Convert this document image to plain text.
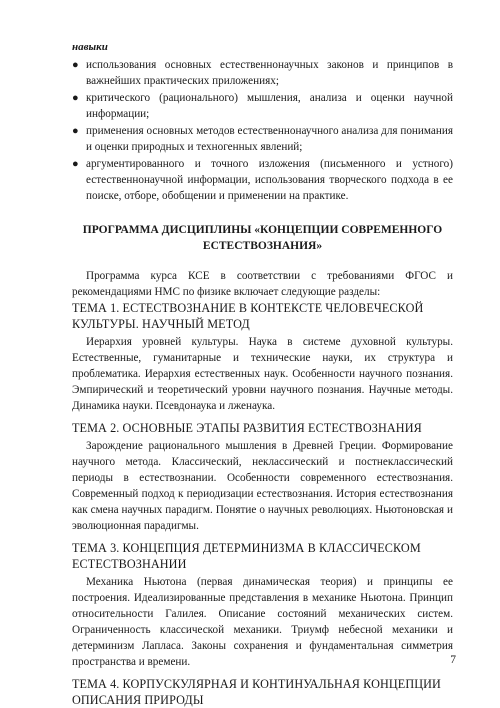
навыки
● использования основных естественнонаучных законов и принципов в важнейших практических приложениях;
● критического (рационального) мышления, анализа и оценки научной информации;
● применения основных методов естественнонаучного анализа для понимания и оценки природных и техногенных явлений;
● аргументированного и точного изложения (письменного и устного) естественнонаучной информации, использования творческого подхода в ее поиске, отборе, обобщении и применении на практике.
ПРОГРАММА ДИСЦИПЛИНЫ «КОНЦЕПЦИИ СОВРЕМЕННОГО ЕСТЕСТВОЗНАНИЯ»

Программа курса КСЕ в соответствии с требованиями ФГОС и рекомендациями НМС по физике включает следующие разделы:

ТЕМА 1. ЕСТЕСТВОЗНАНИЕ В КОНТЕКСТЕ ЧЕЛОВЕЧЕСКОЙ КУЛЬТУРЫ. НАУЧНЫЙ МЕТОД

Иерархия уровней культуры. Наука в системе духовной культуры. Естественные, гуманитарные и технические науки, их структура и проблематика. Иерархия естественных наук. Особенности научного познания. Эмпирический и теоретический уровни научного познания. Научные методы. Динамика науки. Псевдонаука и лженаука.

ТЕМА 2. ОСНОВНЫЕ ЭТАПЫ РАЗВИТИЯ ЕСТЕСТВОЗНАНИЯ

Зарождение рационального мышления в Древней Греции. Формирование научного метода. Классический, неклассический и постнеклассический периоды в естествознании. Особенности современного естествознания. Современный подход к периодизации естествознания. История естествознания как смена научных парадигм. Понятие о научных революциях. Ньютоновская и эволюционная парадигмы.

ТЕМА 3. КОНЦЕПЦИЯ ДЕТЕРМИНИЗМА В КЛАССИЧЕСКОМ ЕСТЕСТВОЗНАНИИ

Механика Ньютона (первая динамическая теория) и принципы ее построения. Идеализированные представления в механике Ньютона. Принцип относительности Галилея. Описание состояний механических систем. Ограниченность классической механики. Триумф небесной механики и детерминизм Лапласа. Законы сохранения и фундаментальная симметрия пространства и времени.

ТЕМА 4. КОРПУСКУЛЯРНАЯ И КОНТИНУАЛЬНАЯ КОНЦЕПЦИИ ОПИСАНИЯ ПРИРОДЫ
7
